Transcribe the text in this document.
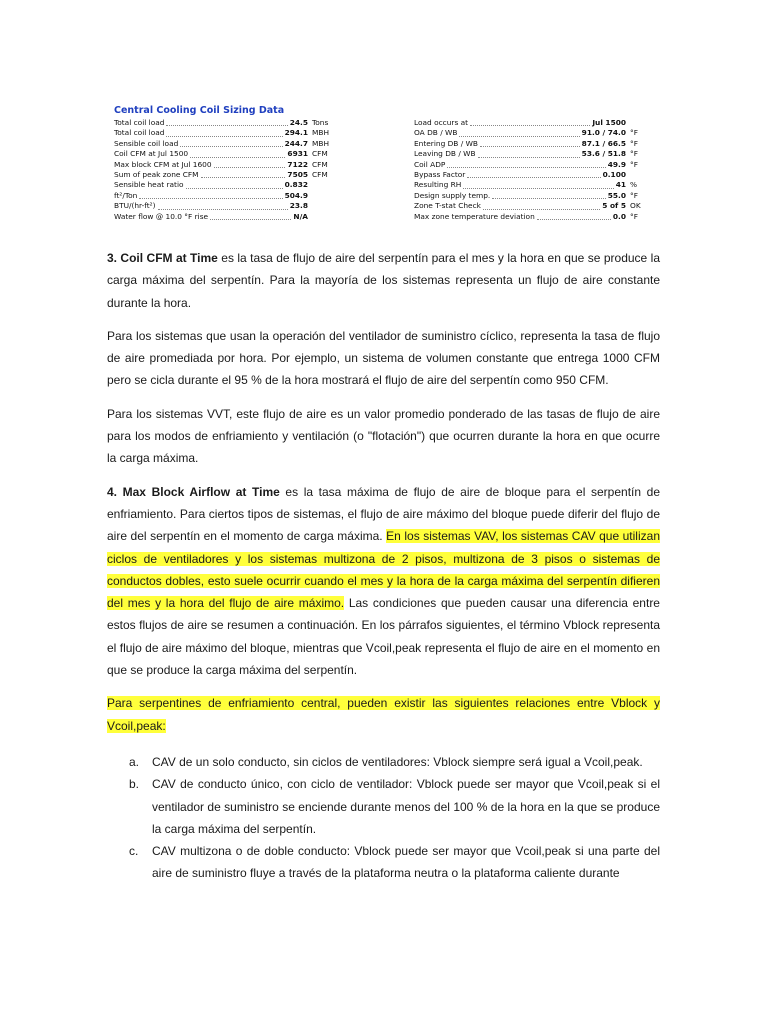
Central Cooling Coil Sizing Data
Total coil load	24.5 Tons
Total coil load	294.1 MBH
Sensible coil load	244.7 MBH
Coil CFM at Jul 1500	6931 CFM
Max block CFM at Jul 1600	7122 CFM
Sum of peak zone CFM	7505 CFM
Sensible heat ratio	0.832
ft²/Ton	504.9
BTU/(hr-ft²)	23.8
Water flow @ 10.0 °F rise	N/A
Load occurs at	Jul 1500
OA DB / WB	91.0 / 74.0 °F
Entering DB / WB	87.1 / 66.5 °F
Leaving DB / WB	53.6 / 51.8 °F
Coil ADP	49.9 °F
Bypass Factor	0.100
Resulting RH	41 %
Design supply temp.	55.0 °F
Zone T-stat Check	5 of 5 OK
Max zone temperature deviation	0.0 °F

3. Coil CFM at Time es la tasa de flujo de aire del serpentín para el mes y la hora en que se produce la carga máxima del serpentín. Para la mayoría de los sistemas representa un flujo de aire constante durante la hora.

Para los sistemas que usan la operación del ventilador de suministro cíclico, representa la tasa de flujo de aire promediada por hora. Por ejemplo, un sistema de volumen constante que entrega 1000 CFM pero se cicla durante el 95 % de la hora mostrará el flujo de aire del serpentín como 950 CFM.

Para los sistemas VVT, este flujo de aire es un valor promedio ponderado de las tasas de flujo de aire para los modos de enfriamiento y ventilación (o "flotación") que ocurren durante la hora en que ocurre la carga máxima.

4. Max Block Airflow at Time es la tasa máxima de flujo de aire de bloque para el serpentín de enfriamiento. Para ciertos tipos de sistemas, el flujo de aire máximo del bloque puede diferir del flujo de aire del serpentín en el momento de carga máxima. En los sistemas VAV, los sistemas CAV que utilizan ciclos de ventiladores y los sistemas multizona de 2 pisos, multizona de 3 pisos o sistemas de conductos dobles, esto suele ocurrir cuando el mes y la hora de la carga máxima del serpentín difieren del mes y la hora del flujo de aire máximo. Las condiciones que pueden causar una diferencia entre estos flujos de aire se resumen a continuación. En los párrafos siguientes, el término Vblock representa el flujo de aire máximo del bloque, mientras que Vcoil,peak representa el flujo de aire en el momento en que se produce la carga máxima del serpentín.

Para serpentines de enfriamiento central, pueden existir las siguientes relaciones entre Vblock y Vcoil,peak:

a.	CAV de un solo conducto, sin ciclos de ventiladores: Vblock siempre será igual a Vcoil,peak.
b.	CAV de conducto único, con ciclo de ventilador: Vblock puede ser mayor que Vcoil,peak si el ventilador de suministro se enciende durante menos del 100 % de la hora en la que se produce la carga máxima del serpentín.
c.	CAV multizona o de doble conducto: Vblock puede ser mayor que Vcoil,peak si una parte del aire de suministro fluye a través de la plataforma neutra o la plataforma caliente durante
